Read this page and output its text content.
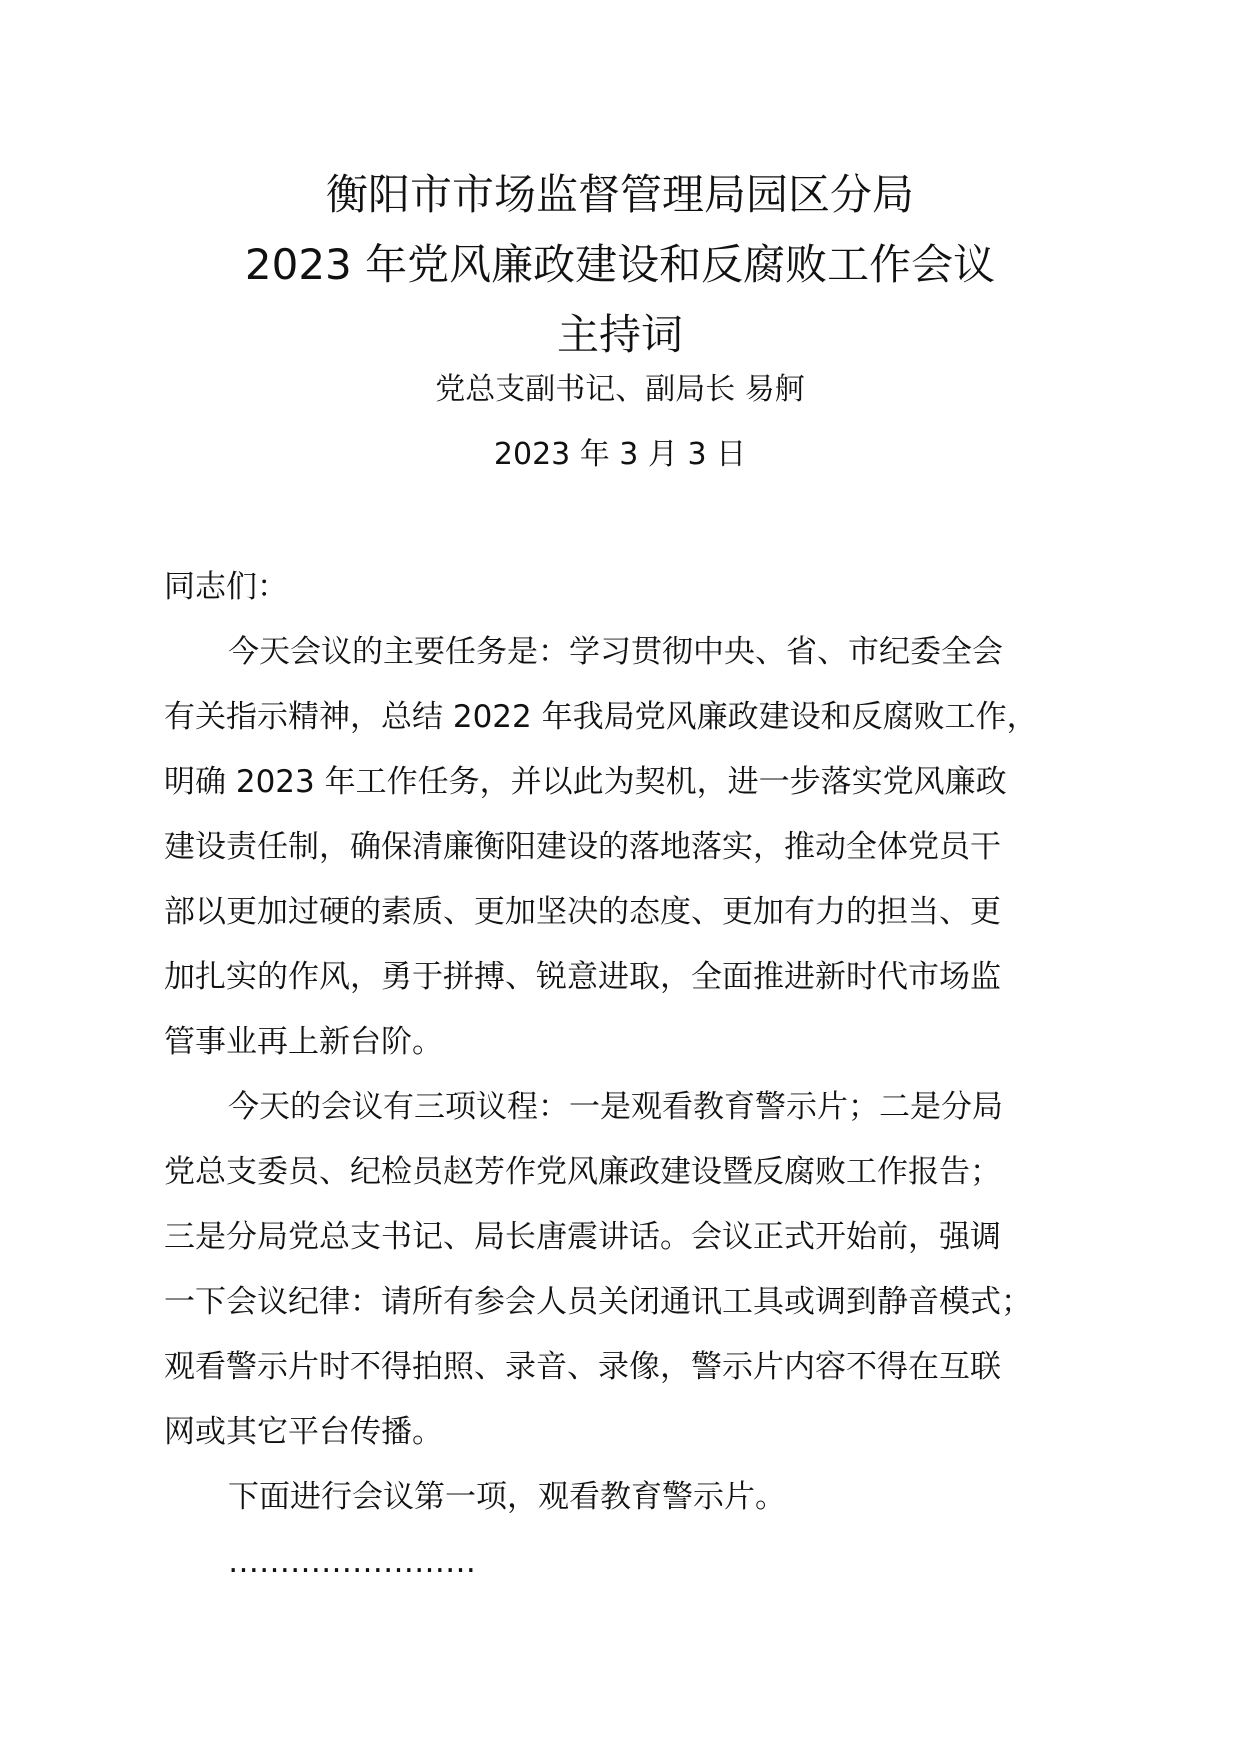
衡阳市市场监督管理局园区分局
2023 年党风廉政建设和反腐败工作会议
主持词
党总支副书记、副局长 易舸
2023 年 3 月 3 日

同志们：

今天会议的主要任务是：学习贯彻中央、省、市纪委全会

有关指示精神，总结 2022 年我局党风廉政建设和反腐败工作，

明确 2023 年工作任务，并以此为契机，进一步落实党风廉政

建设责任制，确保清廉衡阳建设的落地落实，推动全体党员干

部以更加过硬的素质、更加坚决的态度、更加有力的担当、更

加扎实的作风，勇于拼搏、锐意进取，全面推进新时代市场监

管事业再上新台阶。

今天的会议有三项议程：一是观看教育警示片；二是分局

党总支委员、纪检员赵芳作党风廉政建设暨反腐败工作报告；

三是分局党总支书记、局长唐震讲话。会议正式开始前，强调

一下会议纪律：请所有参会人员关闭通讯工具或调到静音模式；

观看警示片时不得拍照、录音、录像，警示片内容不得在互联

网或其它平台传播。

下面进行会议第一项，观看教育警示片。

……………………
